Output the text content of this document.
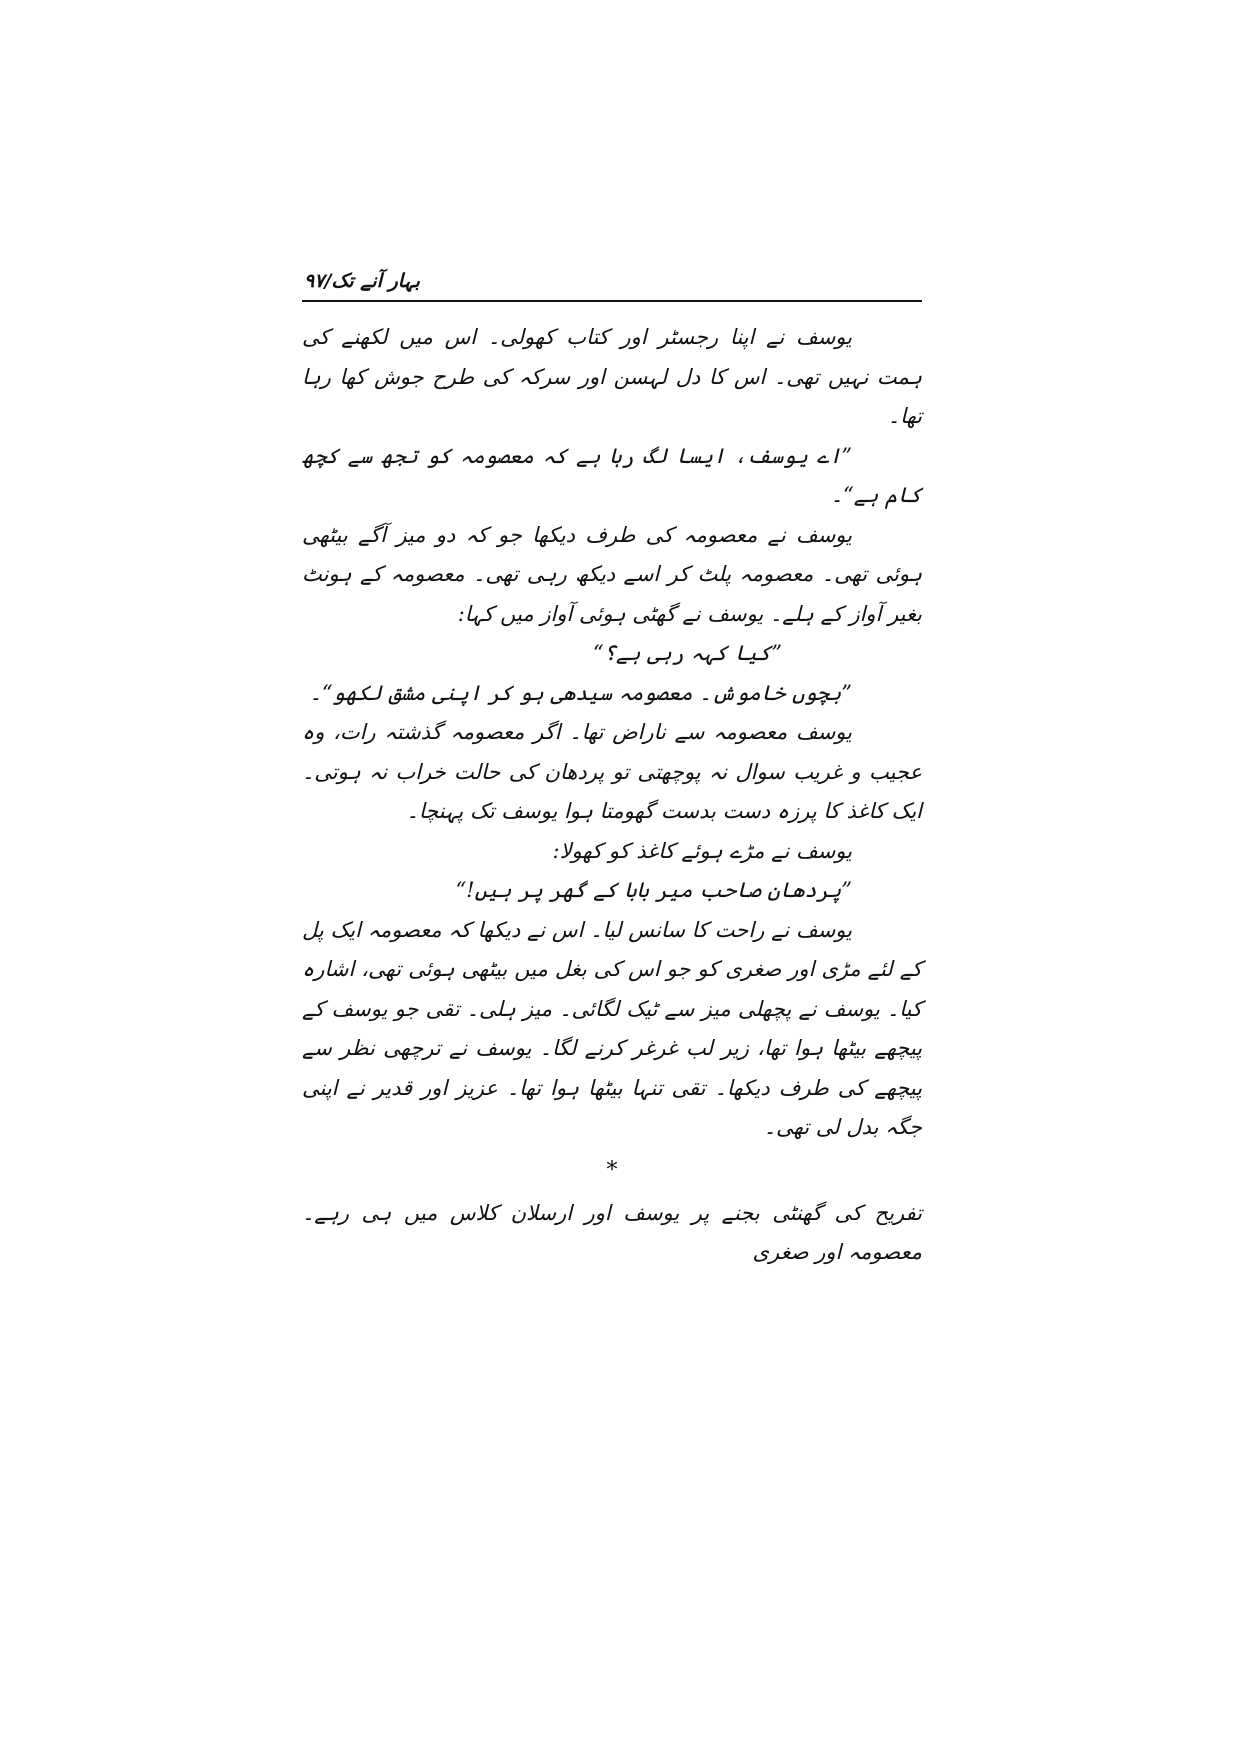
بہار آنے تک/۹۷

یوسف نے اپنا رجسٹر اور کتاب کھولی۔ اس میں لکھنے کی ہمت نہیں تھی۔ اس کا دل لہسن اور سرکہ کی طرح جوش کھا رہا تھا۔

”اے یوسف، ایسا لگ رہا ہے کہ معصومہ کو تجھ سے کچھ کام ہے“۔

یوسف نے معصومہ کی طرف دیکھا جو کہ دو میز آگے بیٹھی ہوئی تھی۔ معصومہ پلٹ کر اسے دیکھ رہی تھی۔ معصومہ کے ہونٹ بغیر آواز کے ہلے۔ یوسف نے گھٹی ہوئی آواز میں کہا:

”کیا کہہ رہی ہے؟“

”بچوں خاموش۔ معصومہ سیدھی ہو کر اپنی مشق لکھو“۔

یوسف معصومہ سے ناراض تھا۔ اگر معصومہ گذشتہ رات، وہ عجیب و غریب سوال نہ پوچھتی تو پردھان کی حالت خراب نہ ہوتی۔ ایک کاغذ کا پرزہ دست بدست گھومتا ہوا یوسف تک پہنچا۔

یوسف نے مڑے ہوئے کاغذ کو کھولا:

”پردھان صاحب میر بابا کے گھر پر ہیں!“

یوسف نے راحت کا سانس لیا۔ اس نے دیکھا کہ معصومہ ایک پل کے لئے مڑی اور صغری کو جو اس کی بغل میں بیٹھی ہوئی تھی، اشارہ کیا۔ یوسف نے پچھلی میز سے ٹیک لگائی۔ میز ہلی۔ تقی جو یوسف کے پیچھے بیٹھا ہوا تھا، زیر لب غرغر کرنے لگا۔ یوسف نے ترچھی نظر سے پیچھے کی طرف دیکھا۔ تقی تنہا بیٹھا ہوا تھا۔ عزیز اور قدیر نے اپنی جگہ بدل لی تھی۔

*

تفریح کی گھنٹی بجنے پر یوسف اور ارسلان کلاس میں ہی رہے۔ معصومہ اور صغری
